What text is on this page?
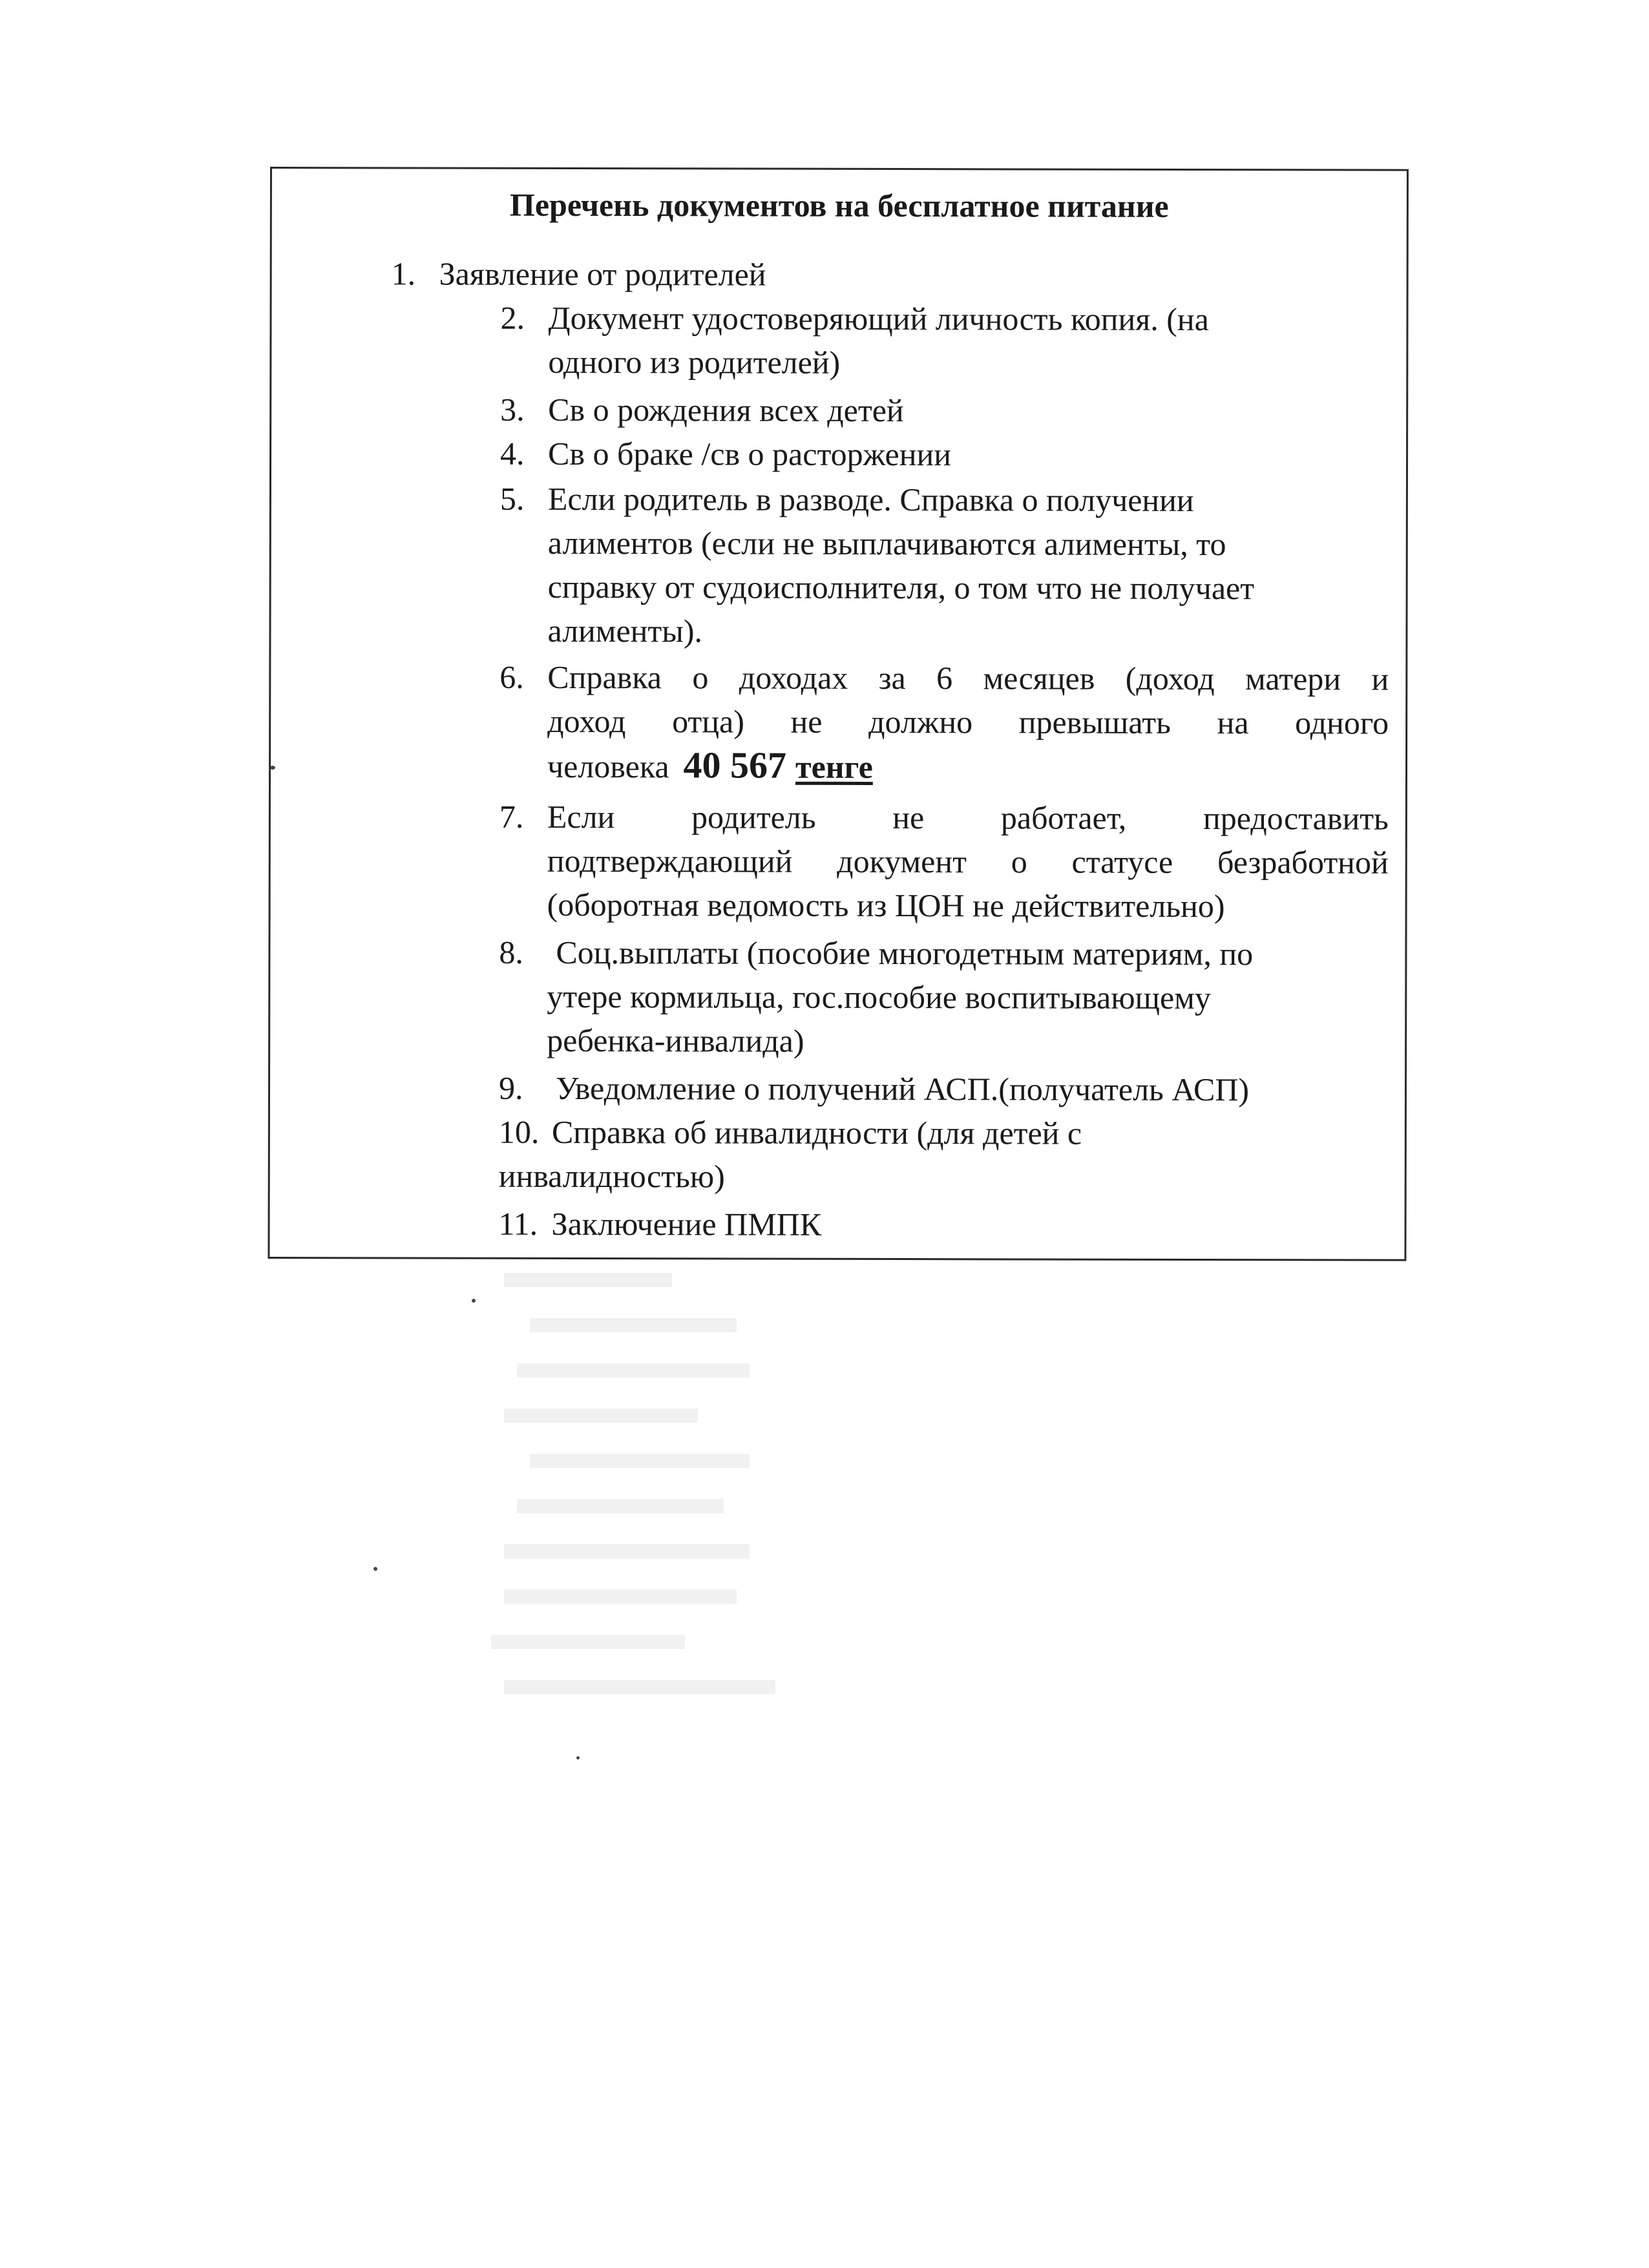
Перечень документов на бесплатное питание
1. Заявление от родителей
2. Документ удостоверяющий личность копия. (на
одного из родителей)
3. Св о рождения всех детей
4. Св о браке /св о расторжении
5. Если родитель в разводе. Справка о получении
алиментов (если не выплачиваются алименты, то
справку от судоисполнителя, о том что не получает
алименты).
6. Справка о доходах за 6 месяцев (доход матери и
доход отца) не должно превышать на одного
человека 40 567 тенге
7. Если родитель не работает, предоставить
подтверждающий документ о статусе безработной
(оборотная ведомость из ЦОН не действительно)
8. Соц.выплаты (пособие многодетным материям, по
утере кормильца, гос.пособие воспитывающему
ребенка-инвалида)
9. Уведомление о получений АСП.(получатель АСП)
10. Справка об инвалидности (для детей с
инвалидностью)
11. Заключение ПМПК
